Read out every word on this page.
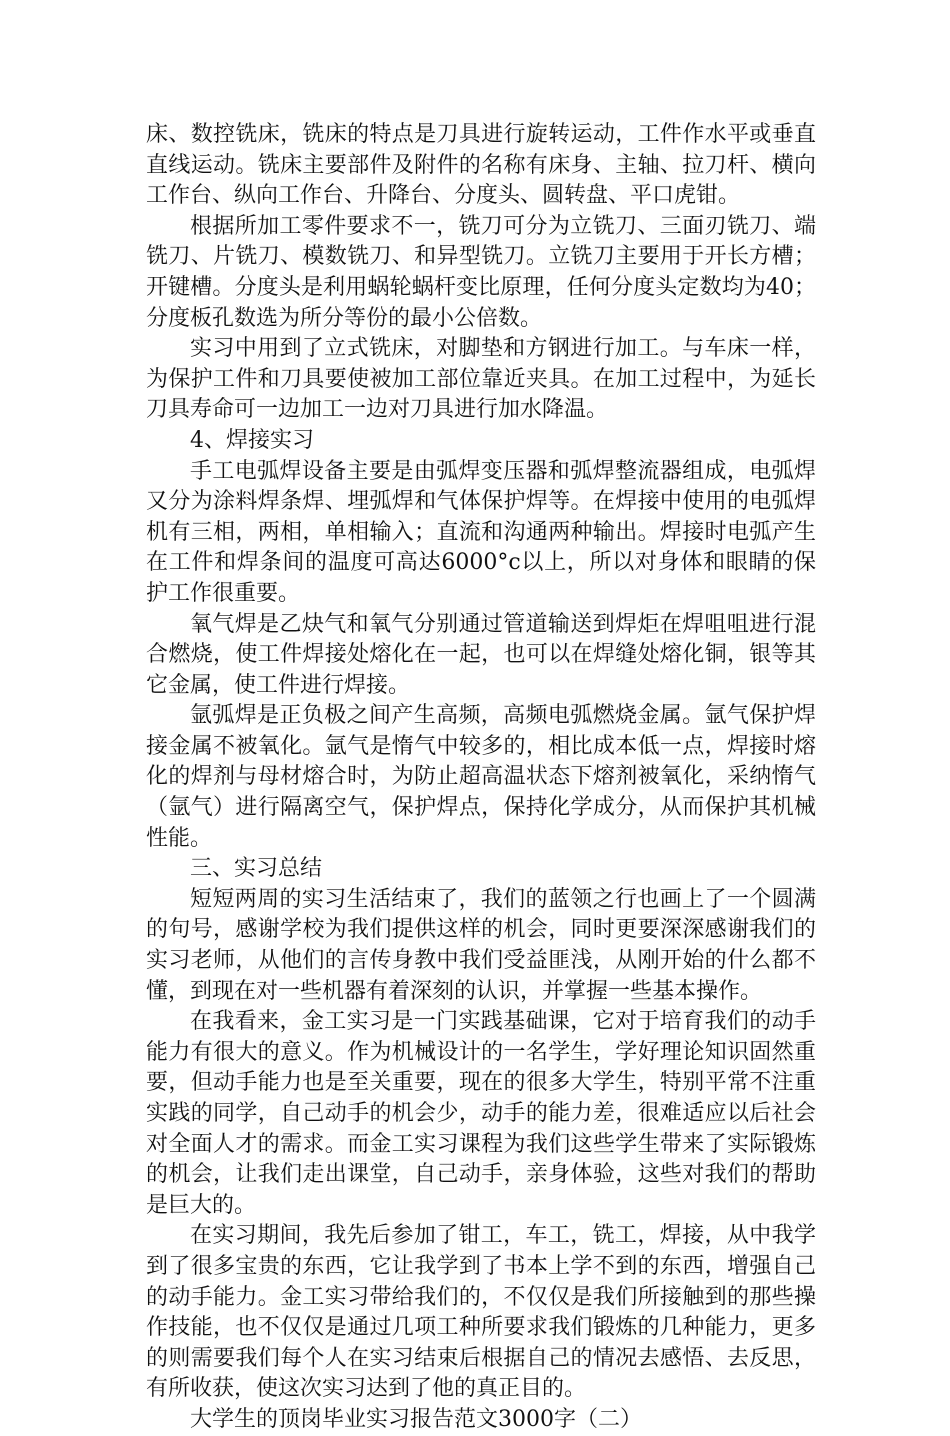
床、数控铣床，铣床的特点是刀具进行旋转运动，工件作水平或垂直直线运动。铣床主要部件及附件的名称有床身、主轴、拉刀杆、横向工作台、纵向工作台、升降台、分度头、圆转盘、平口虎钳。

根据所加工零件要求不一，铣刀可分为立铣刀、三面刃铣刀、端铣刀、片铣刀、模数铣刀、和异型铣刀。立铣刀主要用于开长方槽；开键槽。分度头是利用蜗轮蜗杆变比原理，任何分度头定数均为40；分度板孔数选为所分等份的最小公倍数。

实习中用到了立式铣床，对脚垫和方钢进行加工。与车床一样，为保护工件和刀具要使被加工部位靠近夹具。在加工过程中，为延长刀具寿命可一边加工一边对刀具进行加水降温。

4、焊接实习

手工电弧焊设备主要是由弧焊变压器和弧焊整流器组成，电弧焊又分为涂料焊条焊、埋弧焊和气体保护焊等。在焊接中使用的电弧焊机有三相，两相，单相输入；直流和沟通两种输出。焊接时电弧产生在工件和焊条间的温度可高达6000°c以上，所以对身体和眼睛的保护工作很重要。

氧气焊是乙炔气和氧气分别通过管道输送到焊炬在焊咀咀进行混合燃烧，使工件焊接处熔化在一起，也可以在焊缝处熔化铜，银等其它金属，使工件进行焊接。

氩弧焊是正负极之间产生高频，高频电弧燃烧金属。氩气保护焊接金属不被氧化。氩气是惰气中较多的，相比成本低一点，焊接时熔化的焊剂与母材熔合时，为防止超高温状态下熔剂被氧化，采纳惰气（氩气）进行隔离空气，保护焊点，保持化学成分，从而保护其机械性能。

三、实习总结

短短两周的实习生活结束了，我们的蓝领之行也画上了一个圆满的句号，感谢学校为我们提供这样的机会，同时更要深深感谢我们的实习老师，从他们的言传身教中我们受益匪浅，从刚开始的什么都不懂，到现在对一些机器有着深刻的认识，并掌握一些基本操作。

在我看来，金工实习是一门实践基础课，它对于培育我们的动手能力有很大的意义。作为机械设计的一名学生，学好理论知识固然重要，但动手能力也是至关重要，现在的很多大学生，特别平常不注重实践的同学，自己动手的机会少，动手的能力差，很难适应以后社会对全面人才的需求。而金工实习课程为我们这些学生带来了实际锻炼的机会，让我们走出课堂，自己动手，亲身体验，这些对我们的帮助是巨大的。

在实习期间，我先后参加了钳工，车工，铣工，焊接，从中我学到了很多宝贵的东西，它让我学到了书本上学不到的东西，增强自己的动手能力。金工实习带给我们的，不仅仅是我们所接触到的那些操作技能，也不仅仅是通过几项工种所要求我们锻炼的几种能力，更多的则需要我们每个人在实习结束后根据自己的情况去感悟、去反思，有所收获，使这次实习达到了他的真正目的。

大学生的顶岗毕业实习报告范文3000字（二）
